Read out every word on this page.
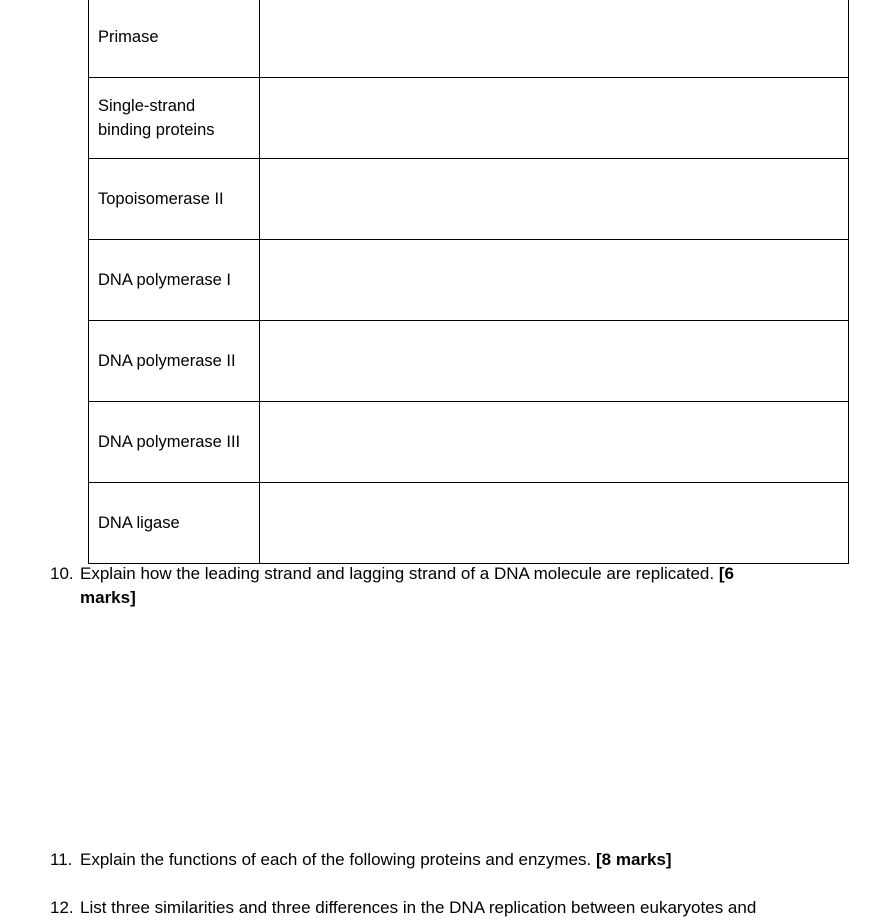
Primase	

Single-strand
binding proteins	

Topoisomerase II	

DNA polymerase I	

DNA polymerase II	

DNA polymerase III	

DNA ligase	

10. Explain how the leading strand and lagging strand of a DNA molecule are replicated. [6 marks]
11. Explain the functions of each of the following proteins and enzymes. [8 marks]
12. List three similarities and three differences in the DNA replication between eukaryotes and
